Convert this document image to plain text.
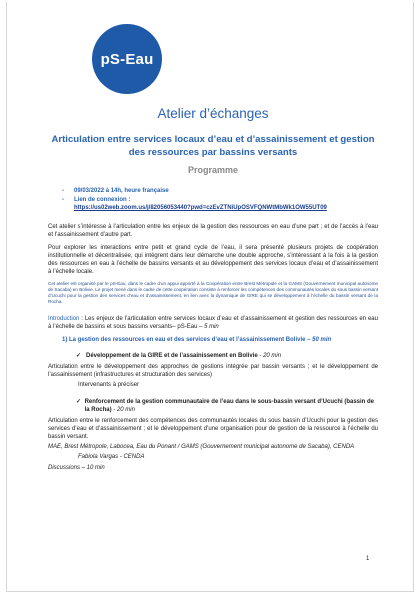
pS-Eau
Atelier d’échanges
Articulation entre services locaux d’eau et d’assainissement et gestion des ressources par bassins versants
Programme
-	09/03/2022 à 14h, heure française
-	Lien de connexion :
https://us02web.zoom.us/j/82056053440?pwd=czEvZTNiUpOSVFQNWtMbWk1OW55UT09

Cet atelier s’intéresse à l’articulation entre les enjeux de la gestion des ressources en eau d’une part ; et de l’accès à l’eau et l’assainissement d’autre part.

Pour explorer les interactions entre petit et grand cycle de l’eau, il sera présenté plusieurs projets de coopération institutionnelle et décentralisée, qui intègrent dans leur démarche une double approche, s’intéressant à la fois à la gestion des ressources en eau à l’échelle de bassins versants et au développement des services locaux d’eau et d’assainissement à l’échelle locale.

Cet atelier est organisé par le pS-Eau, dans le cadre d’un appui apporté à la Coopération entre Brest Métropole et la GAMS (Gouvernement municipal autonome de Sacaba) en Bolivie. Le projet mené dans le cadre de cette coopération consiste à renforcer les compétences des communautés locales du sous bassin versant d’Ucuchi pour la gestion des services d’eau et d’assainissement, en lien avec la dynamique de GIRE qui se développement à l’échelle du bassin versant de la Rocha.

Introduction : Les enjeux de l’articulation entre services locaux d’eau et d’assainissement et gestion des ressources en eau à l’échelle de bassins et sous bassins versants– pS-Eau – 5 min

1) La gestion des ressources en eau et des services d’eau et l’assainissement Bolivie – 50 min
✓ Développement de la GIRE et de l’assainissement en Bolivie - 20 min

Articulation entre le développement des approches de gestions intégrée par bassin versants ; et le développement de l’assainissement (infrastructures et structuration des services)

Intervenants à préciser
✓ Renforcement de la gestion communautaire de l’eau dans le sous-bassin versant d’Ucuchi (bassin de la Rocha) - 20 min

Articulation entre le renforcement des compétences des communautés locales du sous bassin d’Ucuchi pour la gestion des services d’eau et d’assainissement ; et le développement d’une organisation pour de gestion de la ressource à l’échelle du bassin versant.

MAE, Brest Métropole, Labocea, Eau du Ponant / GAMS (Gouvernement municipal autonome de Sacaba), CENDA

Fabiola Vargas - CENDA

Discussions – 10 min

1
